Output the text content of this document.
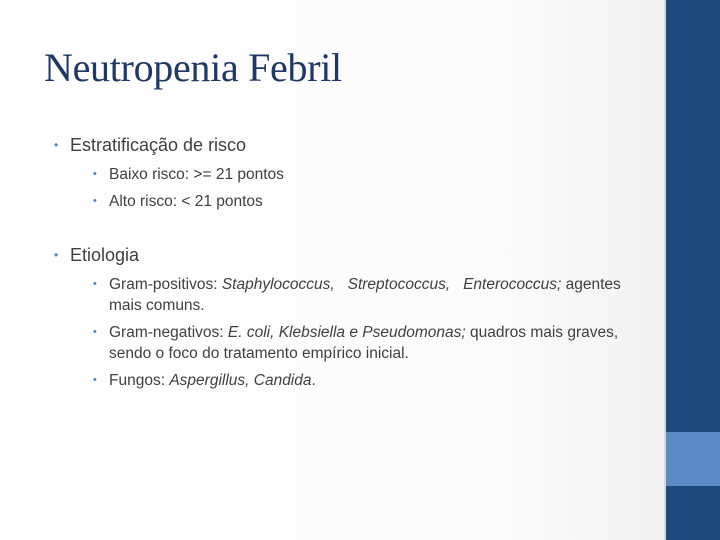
Neutropenia Febril
• Estratificação de risco
• Baixo risco: >= 21 pontos
• Alto risco: < 21 pontos
• Etiologia
• Gram-positivos: Staphylococcus,   Streptococcus,   Enterococcus; agentes mais comuns.
• Gram-negativos: E. coli, Klebsiella e Pseudomonas; quadros mais graves, sendo o foco do tratamento empírico inicial.
• Fungos: Aspergillus, Candida.
